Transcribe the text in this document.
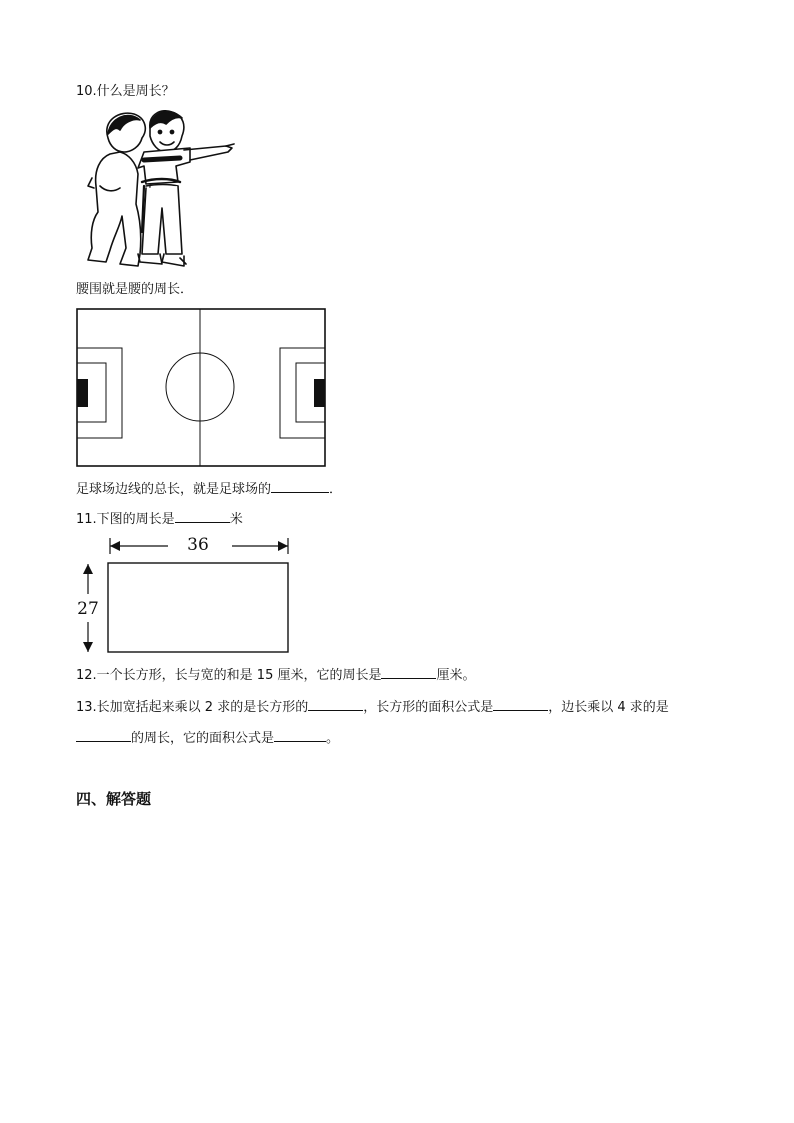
10.什么是周长？
腰围就是腰的周长．
足球场边线的总长，就是足球场的	．
11.下图的周长是	米
36
27
12.一个长方形，长与宽的和是 15 厘米，它的周长是	厘米。
13.长加宽括起来乘以 2 求的是长方形的	，长方形的面积公式是	，边长乘以 4 求的是
的周长，它的面积公式是	。
四、解答题
